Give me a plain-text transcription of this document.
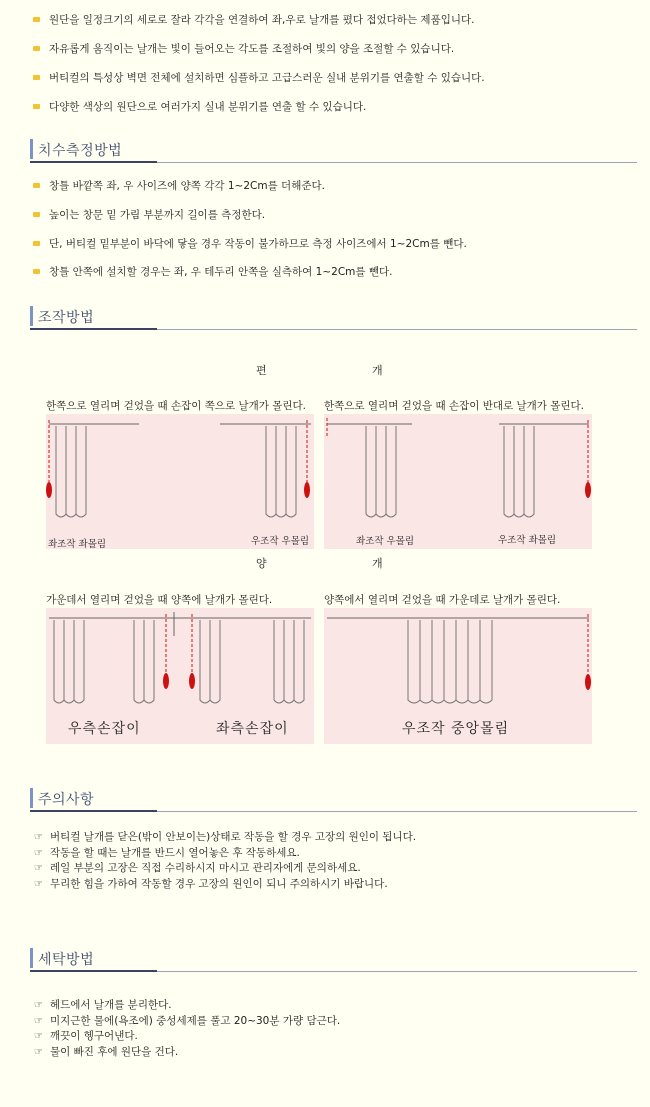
원단을 일정크기의 세로로 잘라 각각을 연결하여 좌,우로 날개를 폈다 접었다하는 제품입니다.
자유롭게 움직이는 날개는 빛이 들어오는 각도를 조절하여 빛의 양을 조절할 수 있습니다.
버티컬의 특성상 벽면 전체에 설치하면 심플하고 고급스러운 실내 분위기를 연출할 수 있습니다.
다양한 색상의 원단으로 여러가지 실내 분위기를 연출 할 수 있습니다.
치수측정방법
창틀 바깥쪽 좌, 우 사이즈에 양쪽 각각 1~2Cm를 더해준다.
높이는 창문 밑 가림 부분까지 길이를 측정한다.
단, 버티컬 밑부분이 바닥에 닿을 경우 작동이 불가하므로 측정 사이즈에서 1~2Cm를 뺀다.
창틀 안쪽에 설치할 경우는 좌, 우 테두리 안쪽을 실측하여 1~2Cm를 뺀다.
조작방법
편	개
한쪽으로 열리며 걷었을 때 손잡이 쪽으로 날개가 몰린다. 한쪽으로 열리며 걷었을 때 손잡이 반대로 날개가 몰린다.
좌조작 좌몰림	우조작 우몰림	좌조작 우몰림	우조작 좌몰림
양	개
가운데서 열리며 걷었을 때 양쪽에 날개가 몰린다.	양쪽에서 열리며 걷었을 때 가운데로 날개가 몰린다.
우측손잡이	좌측손잡이	우조작 중앙몰림
주의사항
☞ 버티컬 날개를 닫은(밖이 안보이는)상태로 작동을 할 경우 고장의 원인이 됩니다.
☞ 작동을 할 때는 날개를 반드시 열어놓은 후 작동하세요.
☞ 레일 부분의 고장은 직접 수리하시지 마시고 관리자에게 문의하세요.
☞ 무리한 힘을 가하여 작동할 경우 고장의 원인이 되니 주의하시기 바랍니다.
세탁방법
☞ 헤드에서 날개를 분리한다.
☞ 미지근한 물에(욕조에) 중성세제를 풀고 20~30분 가량 담근다.
☞ 깨끗이 헹구어낸다.
☞ 물이 빠진 후에 원단을 건다.
